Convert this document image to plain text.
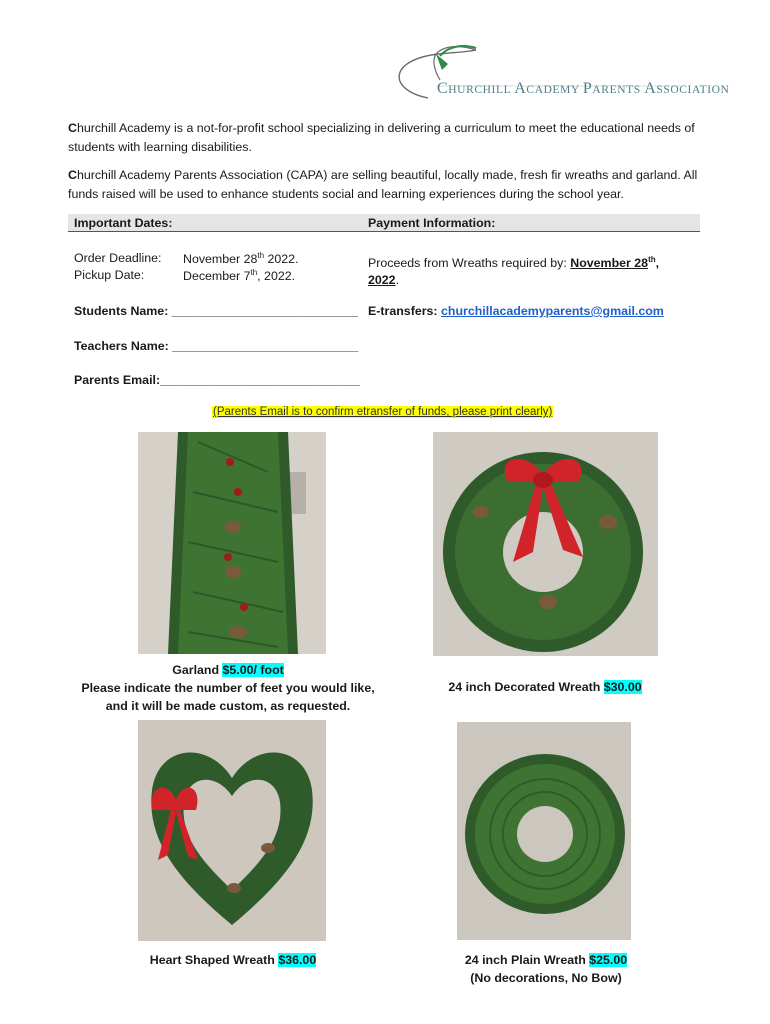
CHURCHILL ACADEMY PARENTS ASSOCIATION
Churchill Academy is a not-for-profit school specializing in delivering a curriculum to meet the educational needs of students with learning disabilities.
Churchill Academy Parents Association (CAPA) are selling beautiful, locally made, fresh fir wreaths and garland. All funds raised will be used to enhance students social and learning experiences during the school year.
Important Dates:	Payment Information:
Order Deadline: November 28th 2022.
Pickup Date:	December 7th, 2022.
Proceeds from Wreaths required by: November 28th,
2022.
Students Name: ___________________________ E-transfers: churchillacademyparents@gmail.com
Teachers Name: ___________________________
Parents Email:_____________________________
(Parents Email is to confirm etransfer of funds, please print clearly)
Garland $5.00/ foot
Please indicate the number of feet you would like,
and it will be made custom, as requested.
24 inch Decorated Wreath $30.00
Heart Shaped Wreath $36.00	24 inch Plain Wreath $25.00
(No decorations, No Bow)
